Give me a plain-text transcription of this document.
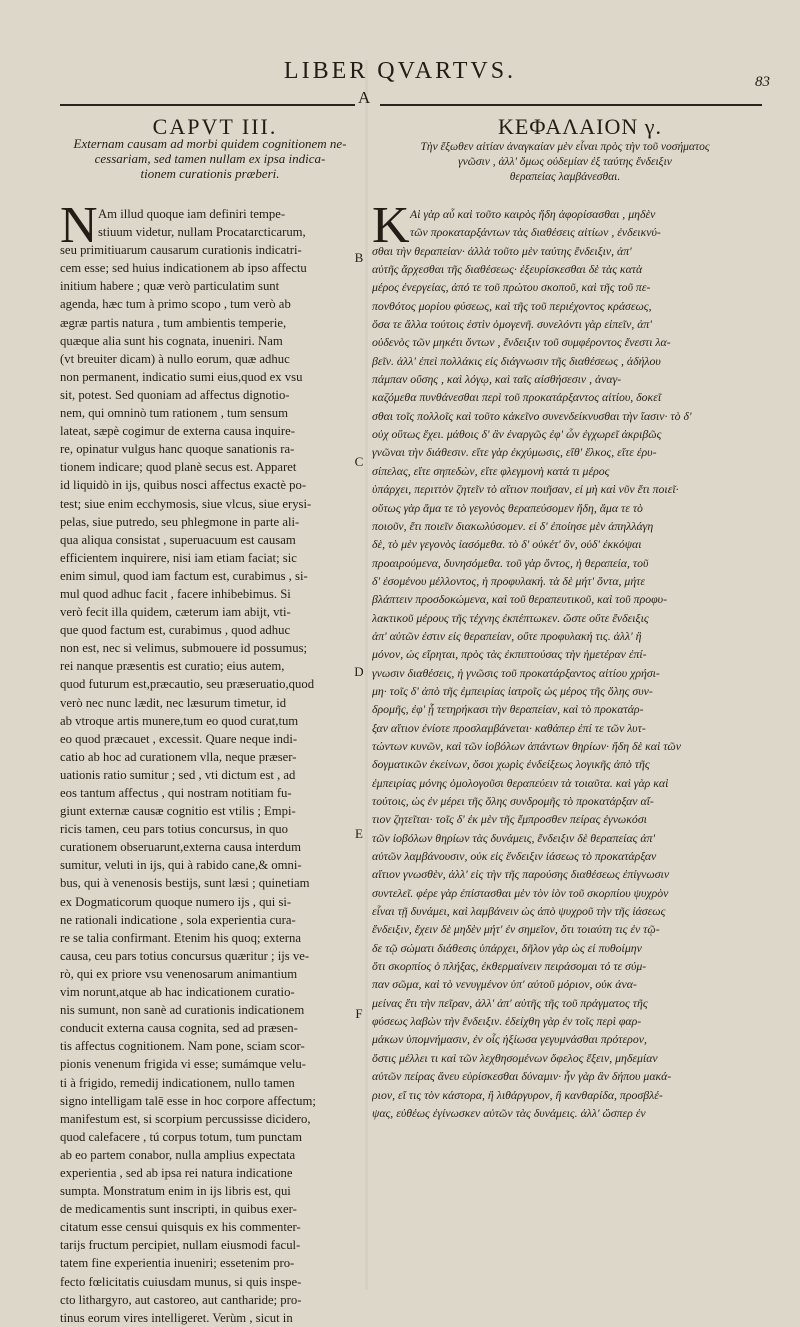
LIBER QVARTVS.	83
A
CAPVT III.	ΚΕΦΑΛΑΙΟΝ γ.
Externam causam ad morbi quidem cognitionem ne-
cessariam, sed tamen nullam ex ipsa indica-
tionem curationis præberi.
Τὴν ἔξωθεν αἰτίαν ἀναγκαίαν μὲν εἶναι πρὸς τὴν τοῦ νοσήματος
γνῶσιν , ἀλλ' ὅμως οὐδεμίαν ἐξ ταύτης ἔνδειξιν
θεραπείας λαμβάνεσθαι.
N Am illud quoque iam definiri tempe-
stiuum videtur, nullam Procatarcticarum,
seu primitiuarum causarum curationis indicatri-
cem esse; sed huius indicationem ab ipso affectu
initium habere ; quæ verò particulatim sunt
agenda, hæc tum à primo scopo , tum verò ab
ægræ partis natura , tum ambientis temperie,
quæque alia sunt his cognata, inueniri. Nam
(vt breuiter dicam) à nullo eorum, quæ adhuc
non permanent, indicatio sumi eius,quod ex vsu
sit, potest. Sed quoniam ad affectus dignotio-
nem, qui omninò tum rationem , tum sensum
lateat, sæpè cogimur de externa causa inquire-
re, opinatur vulgus hanc quoque sanationis ra-
tionem indicare; quod planè secus est. Apparet
id liquidò in ijs, quibus nosci affectus exactè po-
test; siue enim ecchymosis, siue vlcus, siue erysi-
pelas, siue putredo, seu phlegmone in parte ali-
qua aliqua consistat , superuacuum est causam
efficientem inquirere, nisi iam etiam faciat; sic
enim simul, quod iam factum est, curabimus , si-
mul quod adhuc facit , facere inhibebimus. Si
verò fecit illa quidem, cæterum iam abijt, vti-
que quod factum est, curabimus , quod adhuc
non est, nec si velimus, submouere id possumus;
rei nanque præsentis est curatio; eius autem,
quod futurum est,præcautio, seu præseruatio,quod
verò nec nunc lædit, nec læsurum timetur, id
ab vtroque artis munere,tum eo quod curat,tum
eo quod præcauet , excessit. Quare neque indi-
catio ab hoc ad curationem vlla, neque præser-
uationis ratio sumitur ; sed , vti dictum est , ad
eos tantum affectus , qui nostram notitiam fu-
giunt externæ causæ cognitio est vtilis ; Empi-
ricis tamen, ceu pars totius concursus, in quo
curationem obseruarunt,externa causa interdum
sumitur, veluti in ijs, qui à rabido cane,& omni-
bus, qui à venenosis bestijs, sunt læsi ; quinetiam
ex Dogmaticorum quoque numero ijs , qui si-
ne rationali indicatione , sola experientia cura-
re se talia confirmant. Etenim his quoq; externa
causa, ceu pars totius concursus quæritur ; ijs ve-
rò, qui ex priore vsu venenosarum animantium
vim norunt,atque ab hac indicationem curatio-
nis sumunt, non sanè ad curationis indicationem
conducit externa causa cognita, sed ad præsen-
tis affectus cognitionem. Nam pone, sciam scor-
pionis venenum frigida vi esse; sumámque velu-
ti à frigido, remedij indicationem, nullo tamen
signo intelligam talē esse in hoc corpore affectum;
manifestum est, si scorpium percussisse dicidero,
quod calefacere , tú corpus totum, tum punctam
ab eo partem conabor, nulla amplius expectata
experientia , sed ab ipsa rei natura indicatione
sumpta. Monstratum enim in ijs libris est, qui
de medicamentis sunt inscripti, in quibus exer-
citatum esse censui quisquis ex his commenter-
tarijs fructum percipiet, nullam eiusmodi facul-
tatem fine experientia inueniri; essetenim pro-
fecto fœlicitatis cuiusdam munus, si quis inspe-
cto lithargyro, aut castoreo, aut cantharide; pro-
tinus eorum vires intelligeret. Verùm , sicut in
Κ Αὶ γὰρ αὖ καὶ τοῦτο καιρὸς ἤδη ἀφορίσασθαι , μηδὲν
τῶν προκαταρξάντων τὰς διαθέσεις αἰτίων , ἐνδεικνύ-
σθαι τὴν θεραπείαν· ἀλλὰ τοῦτο μὲν ταύτης ἔνδειξιν, ἀπ'
αὐτῆς ἄρχεσθαι τῆς διαθέσεως· ἐξευρίσκεσθαι δὲ τὰς κατὰ
μέρος ἐνεργείας, ἀπό τε τοῦ πρώτου σκοποῦ, καὶ τῆς τοῦ πε-
πονθότος μορίου φύσεως, καὶ τῆς τοῦ περιέχοντος κράσεως,
ὅσα τε ἄλλα τούτοις ἐστὶν ὁμογενῆ. συνελόντι γὰρ εἰπεῖν, ἀπ'
οὐδενὸς τῶν μηκέτι ὄντων , ἔνδειξιν τοῦ συμφέροντος ἔνεστι λα-
βεῖν. ἀλλ' ἐπεὶ πολλάκις εἰς διάγνωσιν τῆς διαθέσεως , ἀδήλου
πάμπαν οὔσης , καὶ λόγῳ, καὶ ταῖς αἰσθήσεσιν , ἀναγ-
καζόμεθα πυνθάνεσθαι περὶ τοῦ προκατάρξαντος αἰτίου, δοκεῖ
σθαι τοῖς πολλοῖς καὶ τοῦτο κἀκεῖνο συνενδείκνυσθαι τὴν ἴασιν· τὸ δ'
οὐχ οὕτως ἔχει. μάθοις δ' ἂν ἐναργῶς ἐφ' ὧν ἐγχωρεῖ ἀκριβῶς
γνῶναι τὴν διάθεσιν. εἴτε γὰρ ἐκχύμωσις, εἴθ' ἕλκος, εἴτε ἐρυ-
σίπελας, εἴτε σηπεδὼν, εἴτε φλεγμονὴ κατά τι μέρος
ὑπάρχει, περιττὸν ζητεῖν τὸ αἴτιον ποιῆσαν, εἰ μὴ καὶ νῦν ἔτι ποιεῖ·
οὕτως γὰρ ἅμα τε τὸ γεγονὸς θεραπεύσομεν ἤδη, ἅμα τε τὸ
ποιοῦν, ἔτι ποιεῖν διακωλύσομεν. εἰ δ' ἐποίησε μὲν ἀπηλλάγη
δὲ, τὸ μὲν γεγονὸς ἰασόμεθα. τὸ δ' οὐκέτ' ὂν, οὐδ' ἐκκόψαι
προαιρούμενα, δυνησόμεθα. τοῦ γὰρ ὄντος, ἡ θεραπεία, τοῦ
δ' ἐσομένου μέλλοντος, ἡ προφυλακή. τὰ δὲ μήτ' ὄντα, μήτε
βλάπτειν προσδοκώμενα, καὶ τοῦ θεραπευτικοῦ, καὶ τοῦ προφυ-
λακτικοῦ μέρους τῆς τέχνης ἐκπέπτωκεν. ὥστε οὔτε ἔνδειξις
ἀπ' αὐτῶν ἐστιν εἰς θεραπείαν, οὔτε προφυλακή τις. ἀλλ' ἢ
μόνον, ὡς εἴρηται, πρὸς τὰς ἐκπιπτούσας τὴν ἡμετέραν ἐπί-
γνωσιν διαθέσεις, ἡ γνῶσις τοῦ προκατάρξαντος αἰτίου χρήσι-
μη· τοῖς δ' ἀπὸ τῆς ἐμπειρίας ἰατροῖς ὡς μέρος τῆς ὅλης συν-
δρομῆς, ἐφ' ᾗ τετηρήκασι τὴν θεραπείαν, καὶ τὸ προκατάρ-
ξαν αἴτιον ἐνίοτε προσλαμβάνεται· καθάπερ ἐπί τε τῶν λυτ-
τώντων κυνῶν, καὶ τῶν ἰοβόλων ἁπάντων θηρίων· ἤδη δὲ καὶ τῶν
δογματικῶν ἐκείνων, ὅσοι χωρὶς ἐνδείξεως λογικῆς ἀπὸ τῆς
ἐμπειρίας μόνης ὁμολογοῦσι θεραπεύειν τὰ τοιαῦτα. καὶ γὰρ καὶ
τούτοις, ὡς ἐν μέρει τῆς ὅλης συνδρομῆς τὸ προκατάρξαν αἴ-
τιον ζητεῖται· τοῖς δ' ἐκ μὲν τῆς ἔμπροσθεν πείρας ἐγνωκόσι
τῶν ἰοβόλων θηρίων τὰς δυνάμεις, ἔνδειξιν δὲ θεραπείας ἀπ'
αὐτῶν λαμβάνουσιν, οὐκ εἰς ἔνδειξιν ἰάσεως τὸ προκατάρξαν
αἴτιον γνωσθὲν, ἀλλ' εἰς τὴν τῆς παρούσης διαθέσεως ἐπίγνωσιν
συντελεῖ. φέρε γὰρ ἐπίστασθαι μὲν τὸν ἰὸν τοῦ σκορπίου ψυχρὸν
εἶναι τῇ δυνάμει, καὶ λαμβάνειν ὡς ἀπὸ ψυχροῦ τὴν τῆς ἰάσεως
ἔνδειξιν, ἔχειν δὲ μηδὲν μήτ' ἐν σημεῖον, ὅτι τοιαύτη τις ἐν τῷ-
δε τῷ σώματι διάθεσις ὑπάρχει, δῆλον γὰρ ὡς εἰ πυθοίμην
ὅτι σκορπίος ὁ πλήξας, ἐκθερμαίνειν πειράσομαι τό τε σύμ-
παν σῶμα, καὶ τὸ νενυγμένον ὑπ' αὐτοῦ μόριον, οὐκ ἀνα-
μείνας ἔτι τὴν πεῖραν, ἀλλ' ἀπ' αὐτῆς τῆς τοῦ πράγματος τῆς
φύσεως λαβὼν τὴν ἔνδειξιν. ἐδείχθη γὰρ ἐν τοῖς περὶ φαρ-
μάκων ὑπομνήμασιν, ἐν οἷς ἠξίωσα γεγυμνάσθαι πρότερον,
ὅστις μέλλει τι καὶ τῶν λεχθησομένων ὄφελος ἕξειν, μηδεμίαν
αὐτῶν πείρας ἄνευ εὑρίσκεσθαι δύναμιν· ἦν γὰρ ἂν δήπου μακά-
ριον, εἴ τις τὸν κάστορα, ἢ λιθάργυρον, ἢ κανθαρίδα, προσβλέ-
ψας, εὐθέως ἐγίνωσκεν αὐτῶν τὰς δυνάμεις. ἀλλ' ὥσπερ ἐν
B
C
D
E
F
